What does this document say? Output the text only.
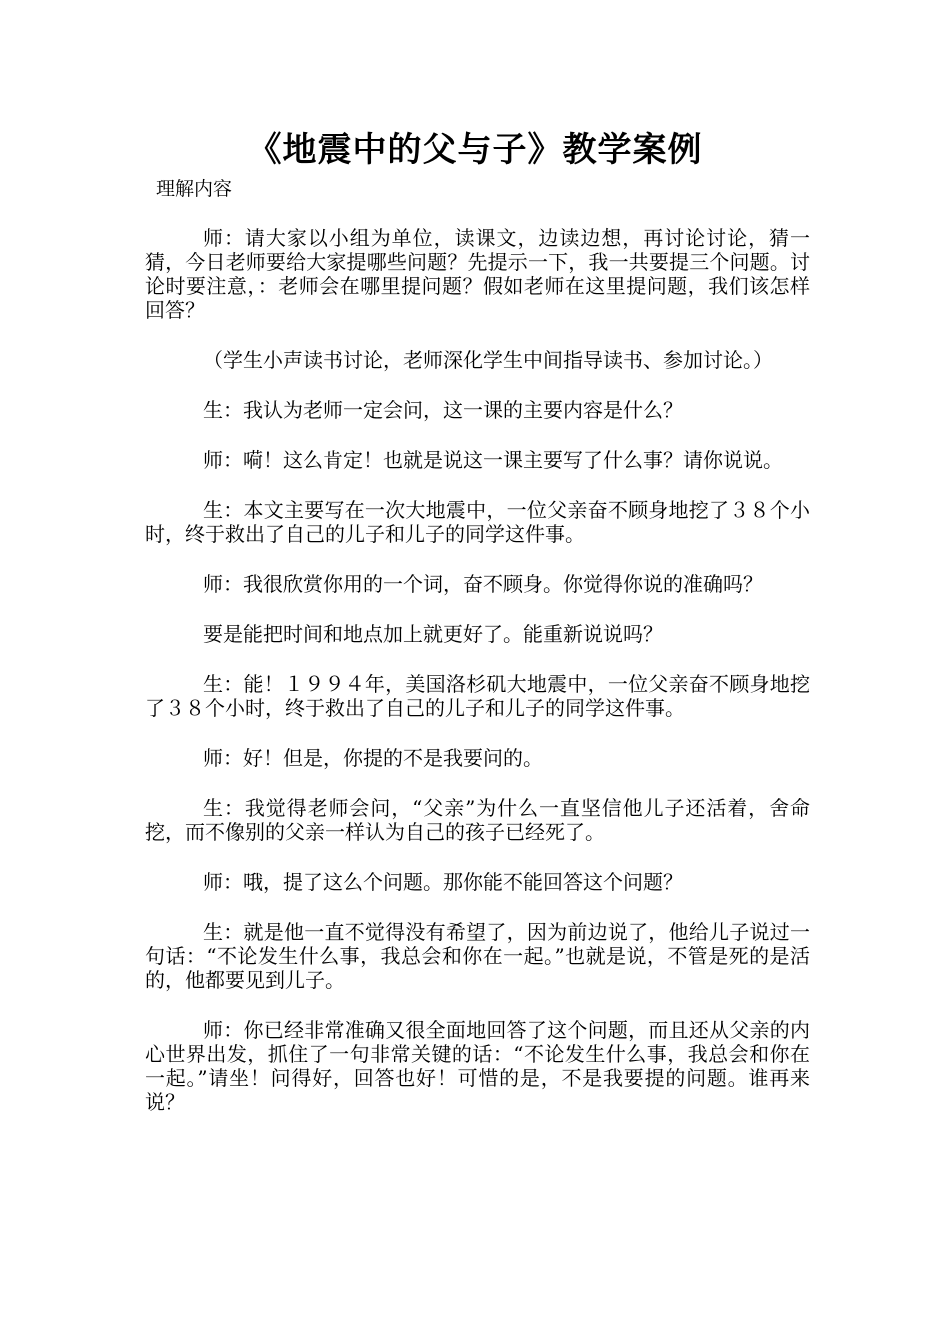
《地震中的父与子》教学案例
理解内容

师：请大家以小组为单位，读课文，边读边想，再讨论讨论，猜一猜，今日老师要给大家提哪些问题？先提示一下，我一共要提三个问题。讨论时要注意，：老师会在哪里提问题？假如老师在这里提问题，我们该怎样回答？

（学生小声读书讨论，老师深化学生中间指导读书、参加讨论。）

生：我认为老师一定会问，这一课的主要内容是什么？

师：嗬！这么肯定！也就是说这一课主要写了什么事？请你说说。

生：本文主要写在一次大地震中，一位父亲奋不顾身地挖了３８个小时，终于救出了自己的儿子和儿子的同学这件事。

师：我很欣赏你用的一个词，奋不顾身。你觉得你说的准确吗？

要是能把时间和地点加上就更好了。能重新说说吗？

生：能！１９９４年，美国洛杉矶大地震中，一位父亲奋不顾身地挖了３８个小时，终于救出了自己的儿子和儿子的同学这件事。

师：好！但是，你提的不是我要问的。

生：我觉得老师会问，“父亲”为什么一直坚信他儿子还活着，舍命挖，而不像别的父亲一样认为自己的孩子已经死了。

师：哦，提了这么个问题。那你能不能回答这个问题？

生：就是他一直不觉得没有希望了，因为前边说了，他给儿子说过一句话：“不论发生什么事，我总会和你在一起。”也就是说，不管是死的是活的，他都要见到儿子。

师：你已经非常准确又很全面地回答了这个问题，而且还从父亲的内心世界出发，抓住了一句非常关键的话：“不论发生什么事，我总会和你在一起。”请坐！问得好，回答也好！可惜的是，不是我要提的问题。谁再来说？
